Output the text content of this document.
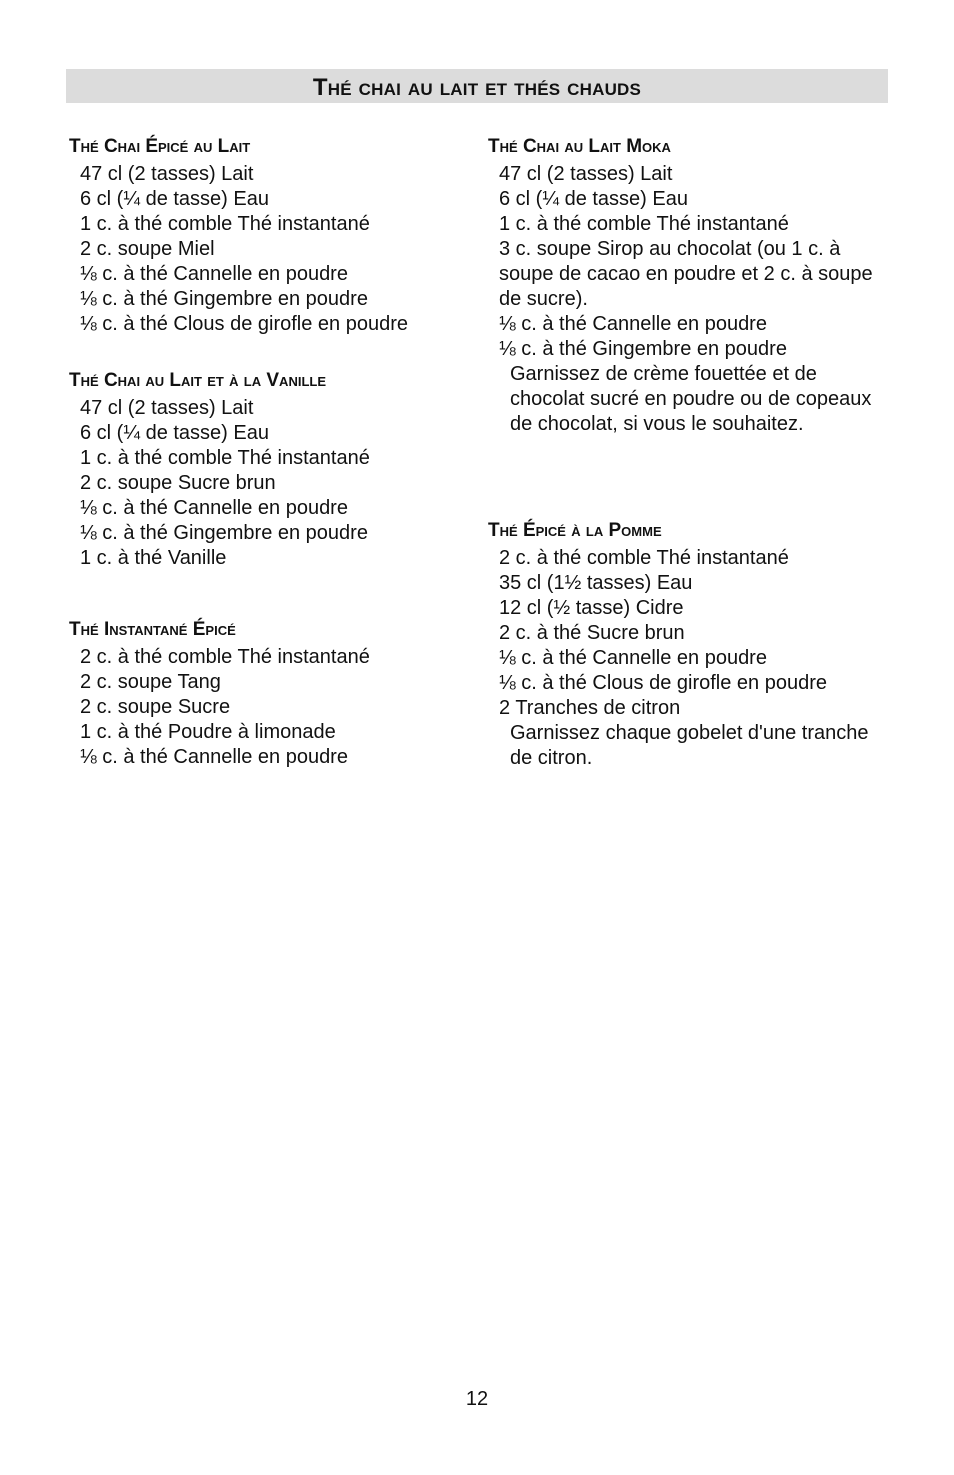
Thé chai au lait et thés chauds
Thé Chai Épicé au Lait
47 cl (2 tasses) Lait
6 cl (¼ de tasse) Eau
1 c. à thé comble Thé instantané
2 c. soupe Miel
⅛ c. à thé Cannelle en poudre
⅛ c. à thé Gingembre en poudre
⅛ c. à thé Clous de girofle en poudre
Thé Chai au Lait et à la Vanille
47 cl (2 tasses) Lait
6 cl (¼ de tasse) Eau
1 c. à thé comble Thé instantané
2 c. soupe Sucre brun
⅛ c. à thé Cannelle en poudre
⅛ c. à thé Gingembre en poudre
1 c. à thé Vanille
Thé Instantané Épicé
2 c. à thé comble Thé instantané
2 c. soupe Tang
2 c. soupe Sucre
1 c. à thé Poudre à limonade
⅛ c. à thé Cannelle en poudre
Thé Chai au Lait Moka
47 cl (2 tasses) Lait
6 cl (¼ de tasse) Eau
1 c. à thé comble Thé instantané
3 c. soupe Sirop au chocolat (ou 1 c. à soupe de cacao en poudre et 2 c. à soupe de sucre).
⅛ c. à thé Cannelle en poudre
⅛ c. à thé Gingembre en poudre

Garnissez de crème fouettée et de chocolat sucré en poudre ou de copeaux de chocolat, si vous le souhaitez.

Thé Épicé à la Pomme
2 c. à thé comble Thé instantané
35 cl (1½ tasses) Eau
12 cl (½ tasse) Cidre
2 c. à thé Sucre brun
⅛ c. à thé Cannelle en poudre
⅛ c. à thé Clous de girofle en poudre
2 Tranches de citron

Garnissez chaque gobelet d'une tranche de citron.

12
